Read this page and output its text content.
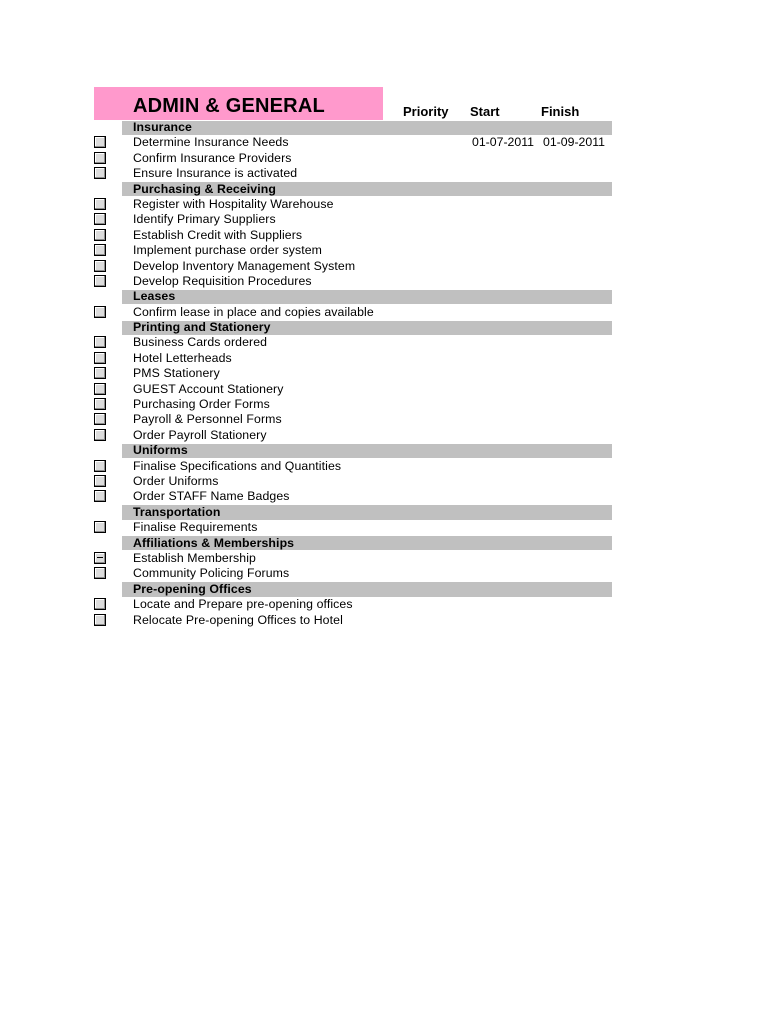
ADMIN & GENERAL	Priority Start	Finish
Insurance
Determine Insurance Needs	01-07-2011 01-09-2011
Confirm Insurance Providers
Ensure Insurance is activated
Purchasing & Receiving
Register with Hospitality Warehouse
Identify Primary Suppliers
Establish Credit with Suppliers
Implement purchase order system
Develop Inventory Management System
Develop Requisition Procedures
Leases
Confirm lease in place and copies available
Printing and Stationery
Business Cards ordered
Hotel Letterheads
PMS Stationery
GUEST Account Stationery
Purchasing Order Forms
Payroll & Personnel Forms
Order Payroll Stationery
Uniforms
Finalise Specifications and Quantities
Order Uniforms
Order STAFF Name Badges
Transportation
Finalise Requirements
Affiliations & Memberships
Establish Membership
Community Policing Forums
Pre-opening Offices
Locate and Prepare pre-opening offices
Relocate Pre-opening Offices to Hotel
